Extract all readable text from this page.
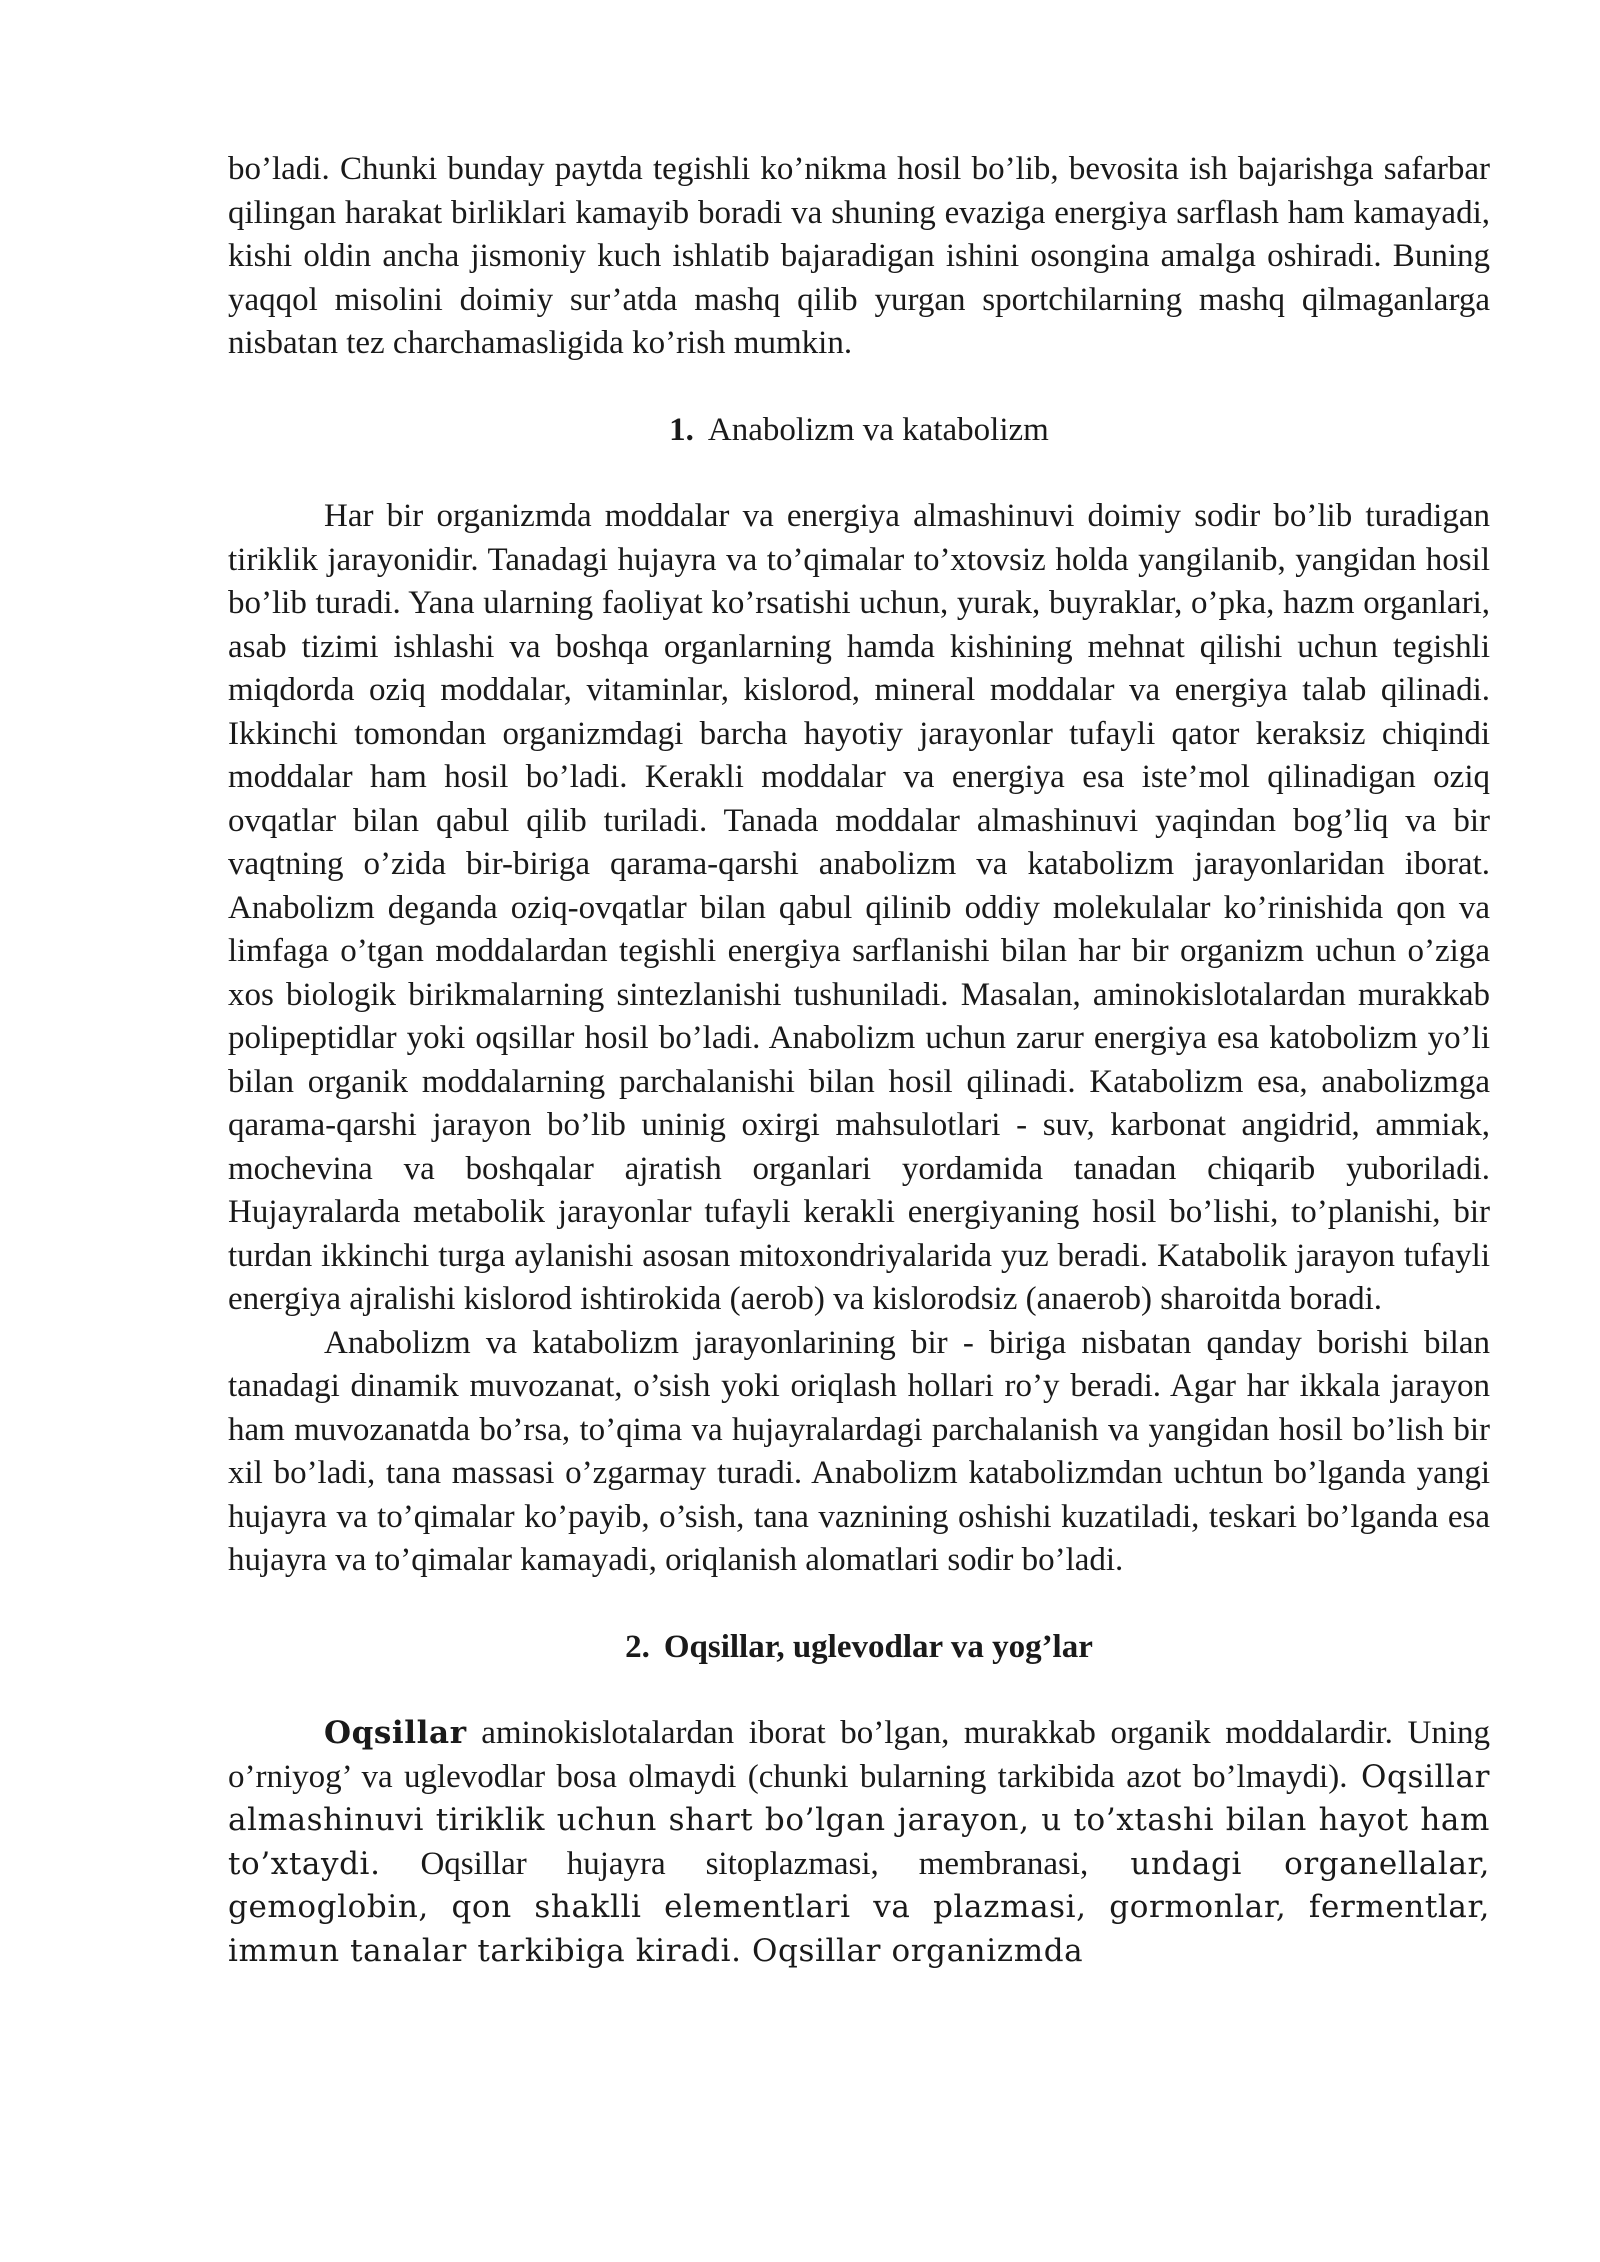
bo’ladi. Chunki bunday paytda tegishli ko’nikma hosil bo’lib, bevosita ish bajarishga safarbar qilingan harakat birliklari kamayib boradi va shuning evaziga energiya sarflash ham kamayadi, kishi oldin ancha jismoniy kuch ishlatib bajaradigan ishini osongina amalga oshiradi. Buning yaqqol misolini doimiy sur’atda mashq qilib yurgan sportchilarning mashq qilmaganlarga nisbatan tez charchamasligida ko’rish mumkin.

1. Anabolizm va katabolizm

Har bir organizmda moddalar va energiya almashinuvi doimiy sodir bo’lib turadigan tiriklik jarayonidir. Tanadagi hujayra va to’qimalar to’xtovsiz holda yangilanib, yangidan hosil bo’lib turadi. Yana ularning faoliyat ko’rsatishi uchun, yurak, buyraklar, o’pka, hazm organlari, asab tizimi ishlashi va boshqa organlarning hamda kishining mehnat qilishi uchun tegishli miqdorda oziq moddalar, vitaminlar, kislorod, mineral moddalar va energiya talab qilinadi. Ikkinchi tomondan organizmdagi barcha hayotiy jarayonlar tufayli qator keraksiz chiqindi moddalar ham hosil bo’ladi. Kerakli moddalar va energiya esa iste’mol qilinadigan oziq ovqatlar bilan qabul qilib turiladi. Tanada moddalar almashinuvi yaqindan bog’liq va bir vaqtning o’zida bir-biriga qarama-qarshi anabolizm va katabolizm jarayonlaridan iborat. Anabolizm deganda oziq-ovqatlar bilan qabul qilinib oddiy molekulalar ko’rinishida qon va limfaga o’tgan moddalardan tegishli energiya sarflanishi bilan har bir organizm uchun o’ziga xos biologik birikmalarning sintezlanishi tushuniladi. Masalan, aminokislotalardan murakkab polipeptidlar yoki oqsillar hosil bo’ladi. Anabolizm uchun zarur energiya esa katobolizm yo’li bilan organik moddalarning parchalanishi bilan hosil qilinadi. Katabolizm esa, anabolizmga qarama-qarshi jarayon bo’lib uninig oxirgi mahsulotlari - suv, karbonat angidrid, ammiak, mochevina va boshqalar ajratish organlari yordamida tanadan chiqarib yuboriladi. Hujayralarda metabolik jarayonlar tufayli kerakli energiyaning hosil bo’lishi, to’planishi, bir turdan ikkinchi turga aylanishi asosan mitoxondriyalarida yuz beradi. Katabolik jarayon tufayli energiya ajralishi kislorod ishtirokida (aerob) va kislorodsiz (anaerob) sharoitda boradi.

Anabolizm va katabolizm jarayonlarining bir - biriga nisbatan qanday borishi bilan tanadagi dinamik muvozanat, o’sish yoki oriqlash hollari ro’y beradi. Agar har ikkala jarayon ham muvozanatda bo’rsa, to’qima va hujayralardagi parchalanish va yangidan hosil bo’lish bir xil bo’ladi, tana massasi o’zgarmay turadi. Anabolizm katabolizmdan uchtun bo’lganda yangi hujayra va to’qimalar ko’payib, o’sish, tana vaznining oshishi kuzatiladi, teskari bo’lganda esa hujayra va to’qimalar kamayadi, oriqlanish alomatlari sodir bo’ladi.

2. Oqsillar, uglevodlar va yog’lar

Oqsillar aminokislotalardan iborat bo’lgan, murakkab organik moddalardir. Uning o’rniyog’ va uglevodlar bosa olmaydi (chunki bularning tarkibida azot bo’lmaydi). Oqsillar almashinuvi tiriklik uchun shart bo’lgan jarayon, u to’xtashi bilan hayot ham to’xtaydi. Oqsillar hujayra sitoplazmasi, membranasi, undagi organellalar, gemoglobin, qon shaklli elementlari va plazmasi, gormonlar, fermentlar, immun tanalar tarkibiga kiradi. Oqsillar organizmda
